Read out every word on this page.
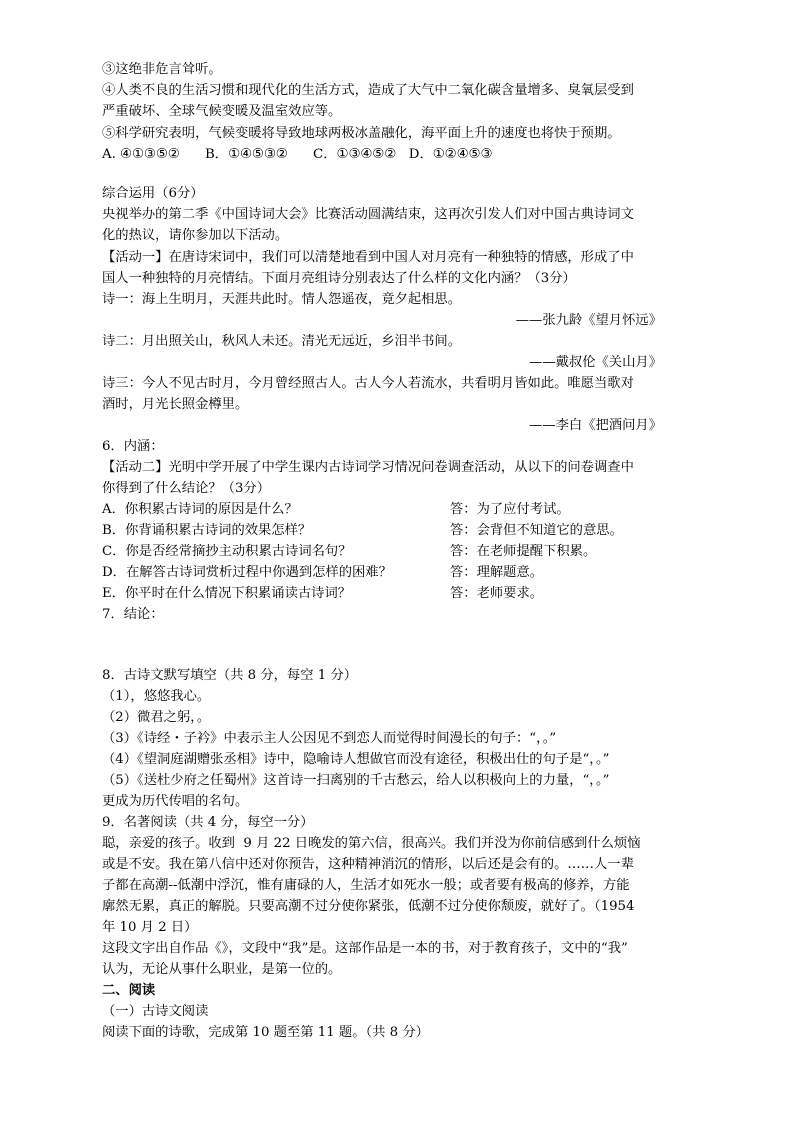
③这绝非危言耸听。
④人类不良的生活习惯和现代化的生活方式，造成了大气中二氧化碳含量增多、臭氧层受到
严重破坏、全球气候变暖及温室效应等。
⑤科学研究表明，气候变暖将导致地球两极冰盖融化，海平面上升的速度也将快于预期。
A. ④①③⑤②      B．①④⑤③②      C．①③④⑤②   D．①②④⑤③
综合运用（6分）
央视举办的第二季《中国诗词大会》比赛活动圆满结束，这再次引发人们对中国古典诗词文
化的热议，请你参加以下活动。
【活动一】在唐诗宋词中，我们可以清楚地看到中国人对月亮有一种独特的情感，形成了中
国人一种独特的月亮情结。下面月亮组诗分别表达了什么样的文化内涵？（3分）
诗一：海上生明月，天涯共此时。情人怨遥夜，竟夕起相思。
——张九龄《望月怀远》
诗二：月出照关山，秋风人未还。清光无远近，乡泪半书间。
——戴叔伦《关山月》
诗三：今人不见古时月，今月曾经照古人。古人今人若流水，共看明月皆如此。唯愿当歌对
酒时，月光长照金樽里。
——李白《把酒问月》
6．内涵：
【活动二】光明中学开展了中学生课内古诗词学习情况问卷调查活动，从以下的问卷调查中
你得到了什么结论？（3分）
A．你积累古诗词的原因是什么？	答：为了应付考试。
B．你背诵积累古诗词的效果怎样？	答：会背但不知道它的意思。
C．你是否经常摘抄主动积累古诗词名句？	答：在老师提醒下积累。
D．在解答古诗词赏析过程中你遇到怎样的困难？	答：理解题意。
E．你平时在什么情况下积累诵读古诗词？	答：老师要求。
7．结论：
8．古诗文默写填空（共 8 分，每空 1 分）
（1），悠悠我心。
（2）微君之躬，。
（3）《诗经・子衿》中表示主人公因见不到恋人而觉得时间漫长的句子：“，。”
（4）《望洞庭湖赠张丞相》诗中，隐喻诗人想做官而没有途径，积极出仕的句子是“，。”
（5）《送杜少府之任蜀州》这首诗一扫离别的千古愁云，给人以积极向上的力量，“，。”
更成为历代传唱的名句。
9．名著阅读（共 4 分，每空一分）
聪，亲爱的孩子。收到  9 月 22 日晚发的第六信，很高兴。我们并没为你前信感到什么烦恼
或是不安。我在第八信中还对你预告，这种精神消沉的情形，以后还是会有的。……人一辈
子都在高潮--低潮中浮沉，惟有庸碌的人，生活才如死水一般；或者要有极高的修养，方能
廓然无累，真正的解脱。只要高潮不过分使你紧张，低潮不过分使你颓废，就好了。（1954
年 10 月 2 日）
这段文字出自作品《》，文段中“我”是。这部作品是一本的书，对于教育孩子，文中的“我”
认为，无论从事什么职业，是第一位的。
二、阅读
（一）古诗文阅读
阅读下面的诗歌，完成第 10 题至第 11 题。（共 8 分）
